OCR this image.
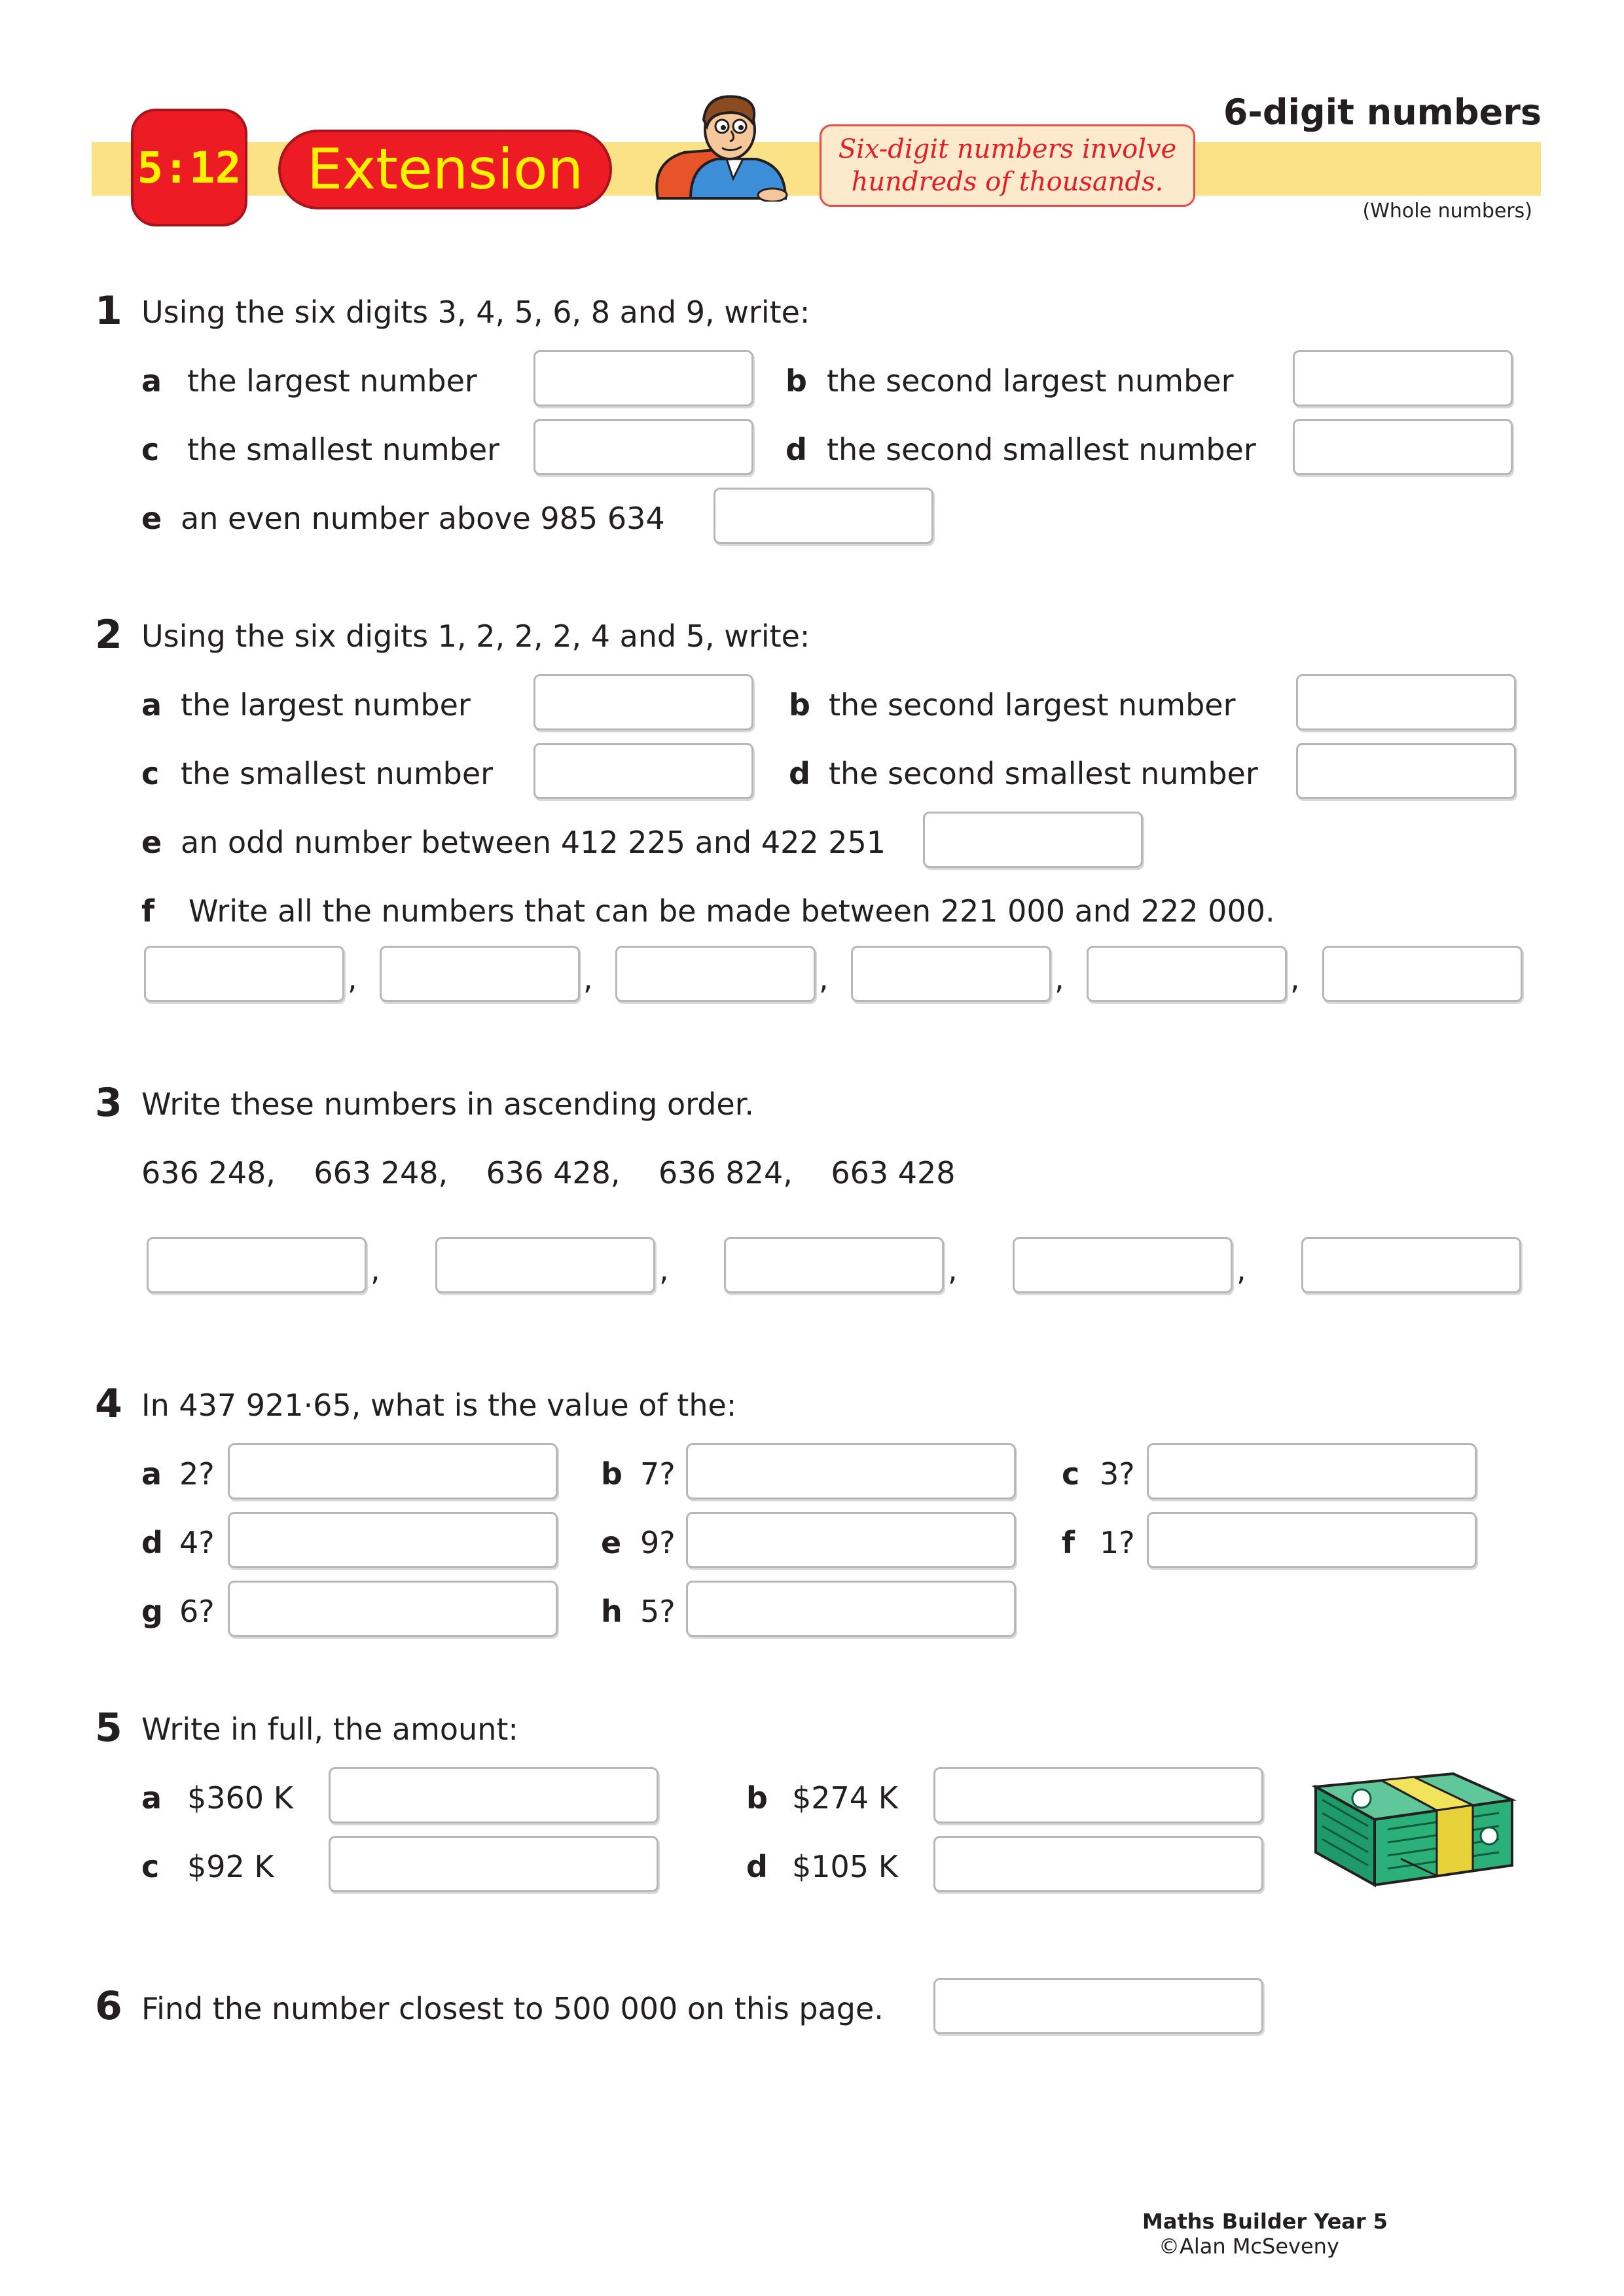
5:12	Extension	Six-digit numbers involve
hundreds of thousands.
6-digit numbers
(Whole numbers)
1 Using the six digits 3, 4, 5, 6, 8 and 9, write:
a the largest number	b the second largest number
c the smallest number	d the second smallest number
e an even number above 985 634
2 Using the six digits 1, 2, 2, 2, 4 and 5, write:
a the largest number	b the second largest number
c the smallest number	d the second smallest number
e an odd number between 412 225 and 422 251
f Write all the numbers that can be made between 221 000 and 222 000.
,	,	,	,	,
3 Write these numbers in ascending order.
636 248,    663 248,    636 428,    636 824,    663 428
,	,	,	,
4 In 437 921·65, what is the value of the:
a 2?	b 7?	c 3?
d 4?	e 9?	f 1?
g 6?	h 5?
5 Write in full, the amount:
a $360 K	b $274 K
c $92 K	d $105 K
6 Find the number closest to 500 000 on this page.
Maths Builder Year 5
©Alan McSeveny
